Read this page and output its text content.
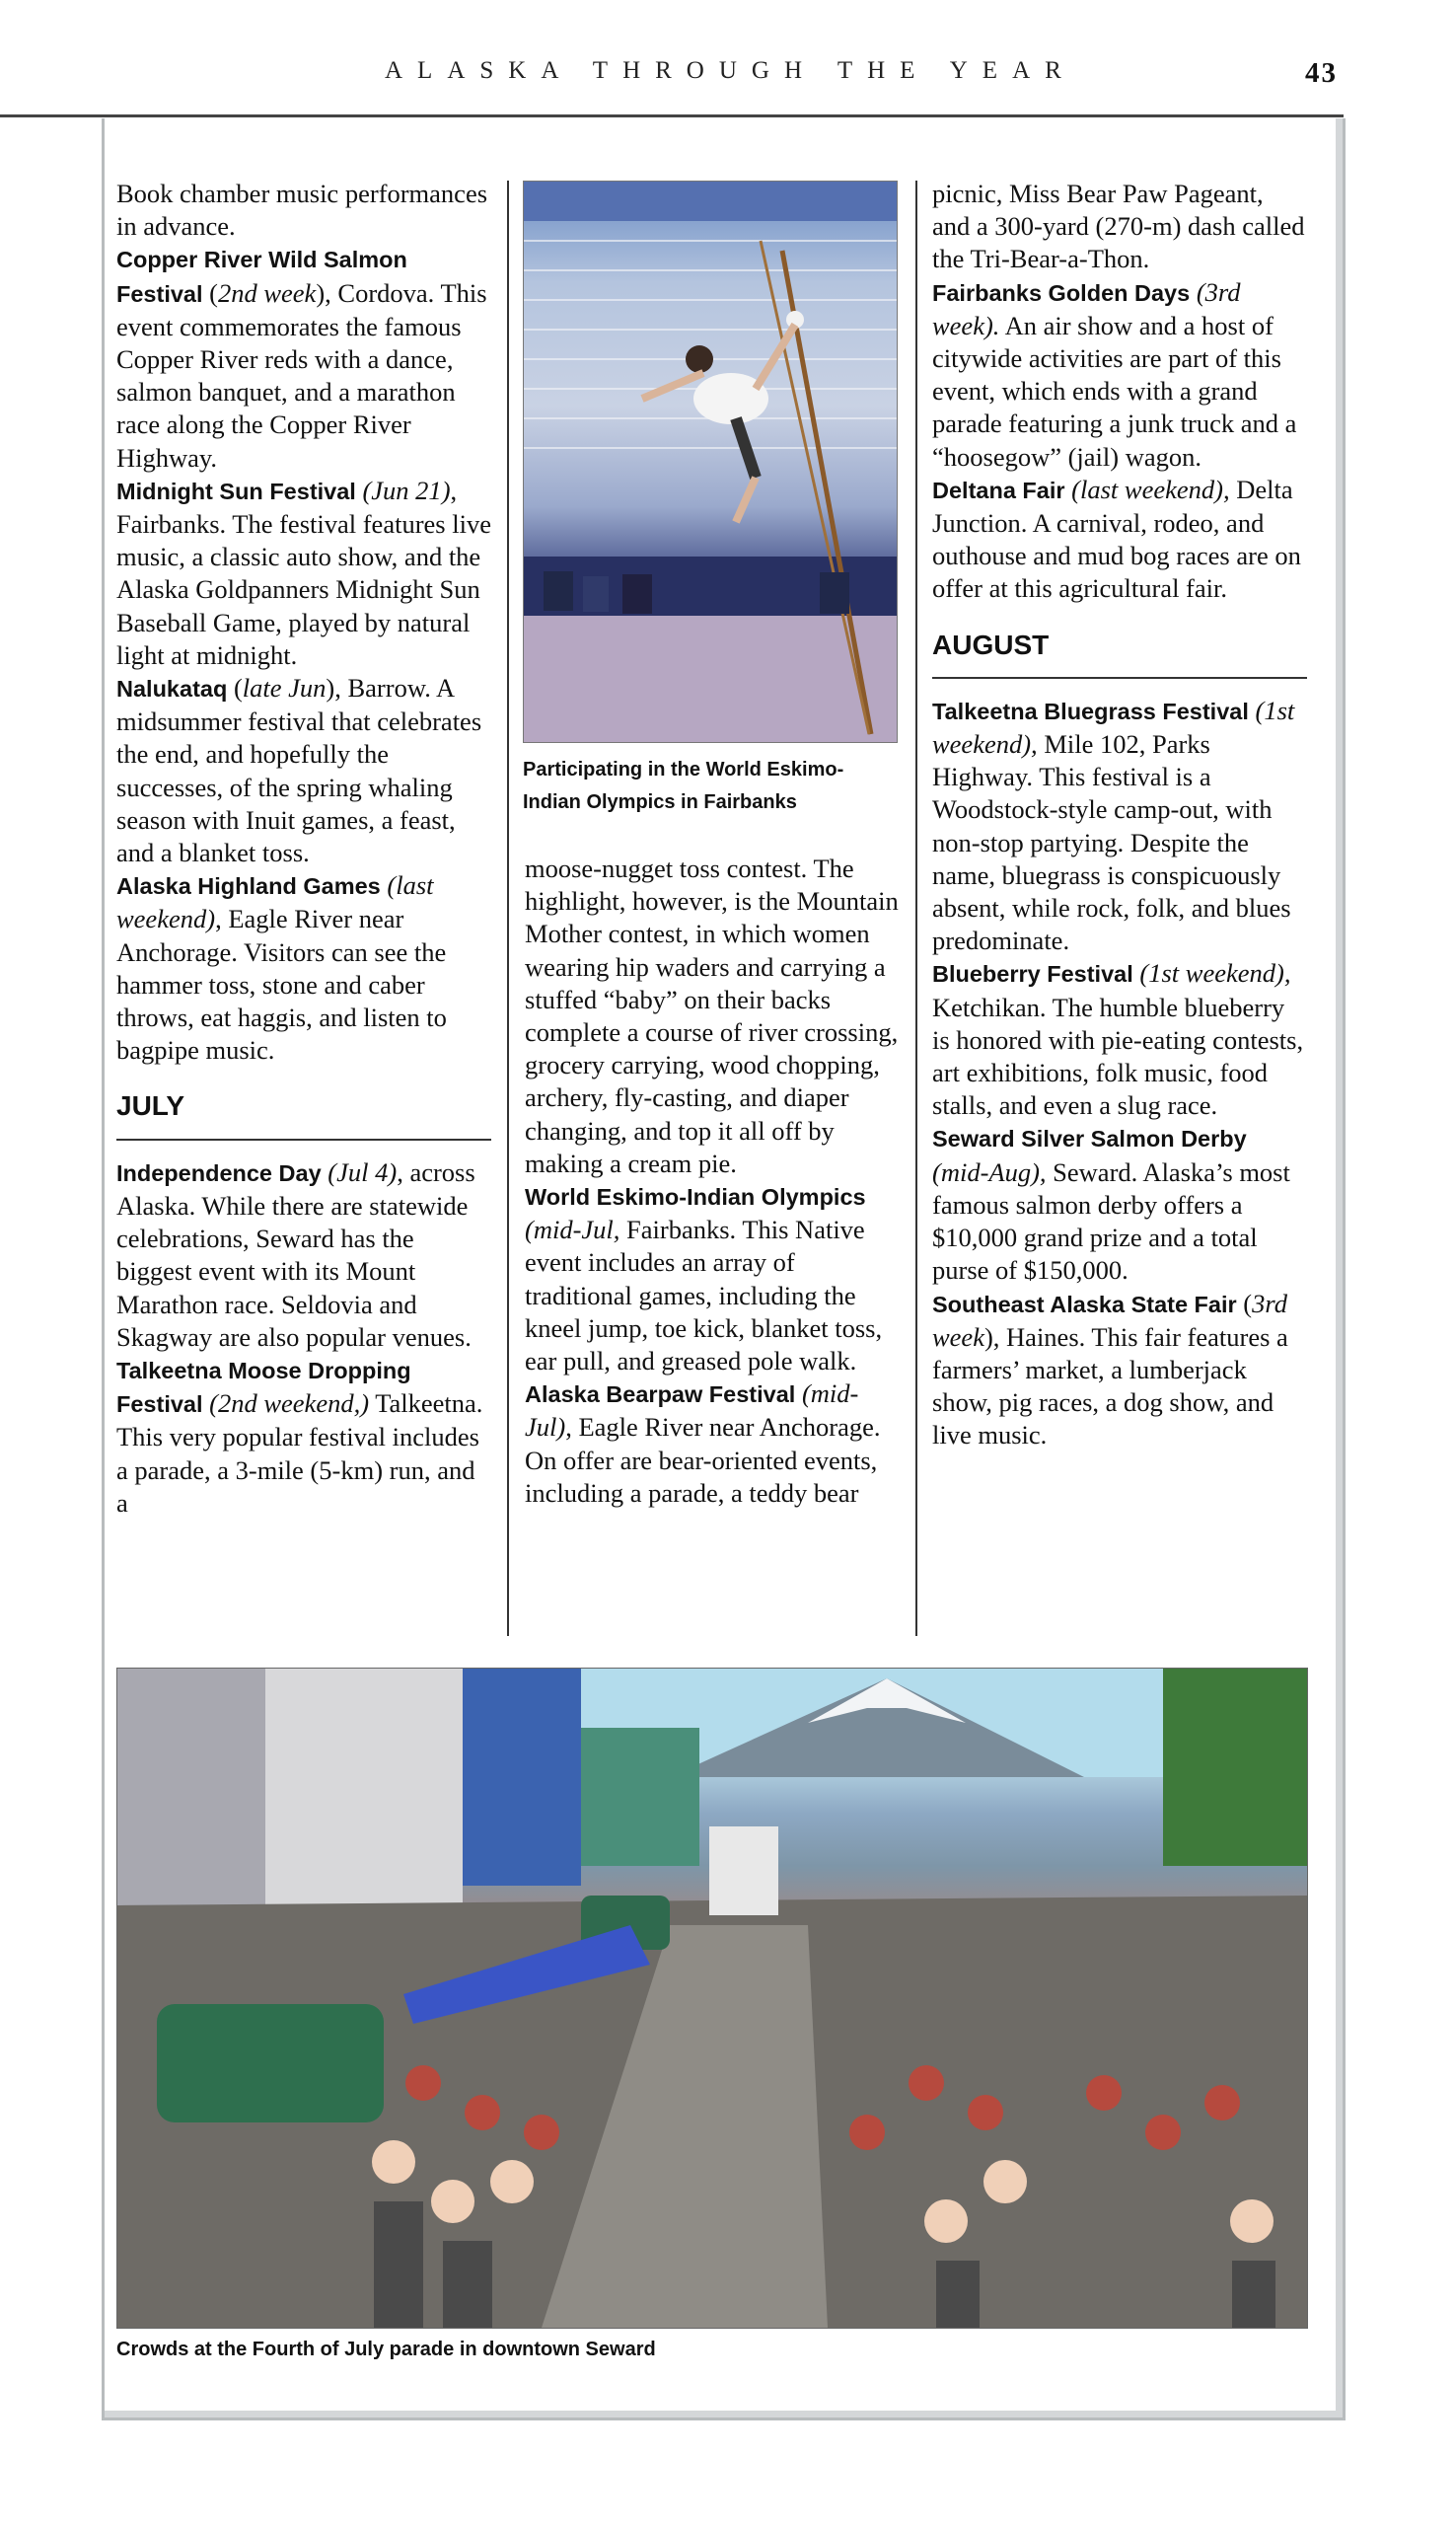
ALASKA THROUGH THE YEAR	43

Book chamber music performances in advance.

Copper River Wild Salmon Festival (2nd week), Cordova. This event commemorates the famous Copper River reds with a dance, salmon banquet, and a marathon race along the Copper River Highway.

Midnight Sun Festival (Jun 21), Fairbanks. The festival features live music, a classic auto show, and the Alaska Goldpanners Midnight Sun Baseball Game, played by natural light at midnight.

Nalukataq (late Jun), Barrow. A midsummer festival that celebrates the end, and hopefully the successes, of the spring whaling season with Inuit games, a feast, and a blanket toss.

Alaska Highland Games (last weekend), Eagle River near Anchorage. Visitors can see the hammer toss, stone and caber throws, eat haggis, and listen to bagpipe music.

JULY

Independence Day (Jul 4), across Alaska. While there are statewide celebrations, Seward has the biggest event with its Mount Marathon race. Seldovia and Skagway are also popular venues.

Talkeetna Moose Dropping Festival (2nd weekend,) Talkeetna. This very popular festival includes a parade, a 3-mile (5-km) run, and a

Participating in the World Eskimo-Indian Olympics in Fairbanks

moose-nugget toss contest. The highlight, however, is the Mountain Mother contest, in which women wearing hip waders and carrying a stuffed “baby” on their backs complete a course of river crossing, grocery carrying, wood chopping, archery, fly-casting, and diaper changing, and top it all off by making a cream pie.

World Eskimo-Indian Olympics (mid-Jul, Fairbanks. This Native event includes an array of traditional games, including the kneel jump, toe kick, blanket toss, ear pull, and greased pole walk.

Alaska Bearpaw Festival (mid-Jul), Eagle River near Anchorage. On offer are bear-oriented events, including a parade, a teddy bear

picnic, Miss Bear Paw Pageant, and a 300-yard (270-m) dash called the Tri-Bear-a-Thon.

Fairbanks Golden Days (3rd week). An air show and a host of citywide activities are part of this event, which ends with a grand parade featuring a junk truck and a “hoosegow” (jail) wagon.

Deltana Fair (last weekend), Delta Junction. A carnival, rodeo, and outhouse and mud bog races are on offer at this agricultural fair.

AUGUST

Talkeetna Bluegrass Festival (1st weekend), Mile 102, Parks Highway. This festival is a Woodstock-style camp-out, with non-stop partying. Despite the name, bluegrass is conspicuously absent, while rock, folk, and blues predominate.

Blueberry Festival (1st weekend), Ketchikan. The humble blueberry is honored with pie-eating contests, art exhibitions, folk music, food stalls, and even a slug race.

Seward Silver Salmon Derby (mid-Aug), Seward. Alaska’s most famous salmon derby offers a $10,000 grand prize and a total purse of $150,000.

Southeast Alaska State Fair (3rd week), Haines. This fair features a farmers’ market, a lumberjack show, pig races, a dog show, and live music.

Crowds at the Fourth of July parade in downtown Seward
